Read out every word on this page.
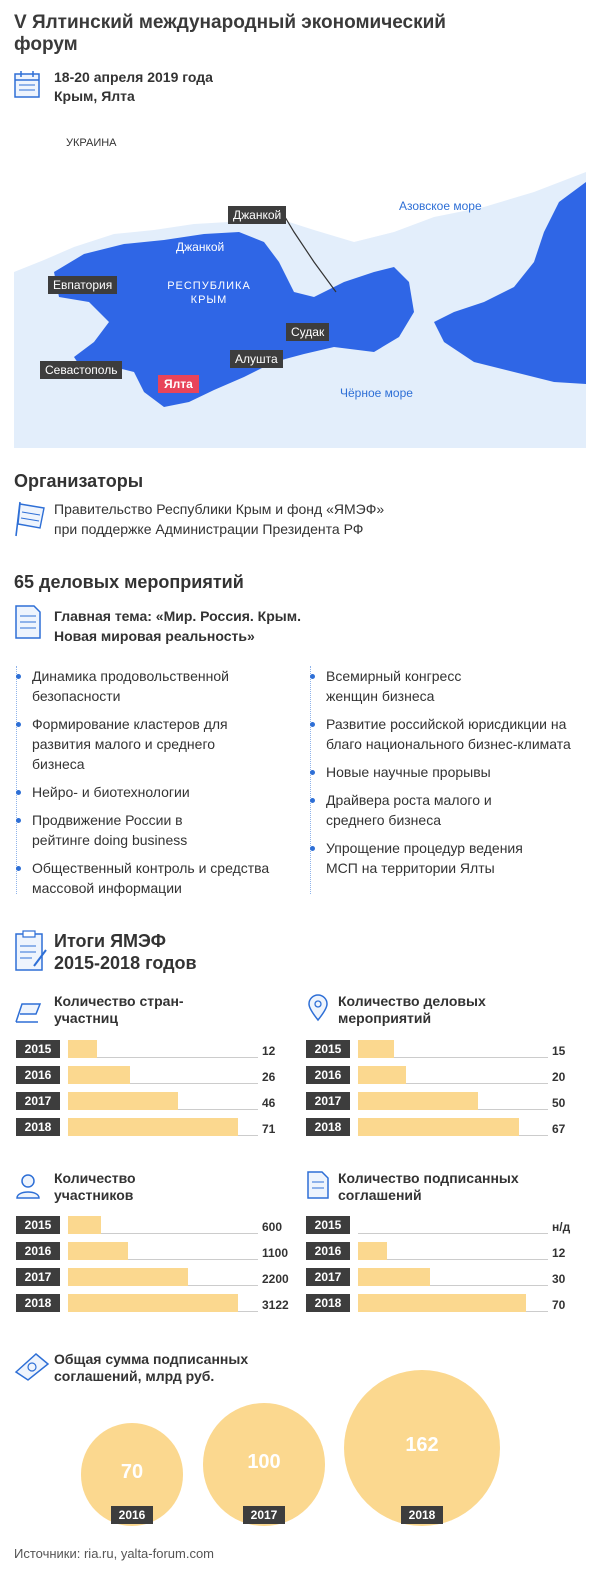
V Ялтинский международный экономический форум
18-20 апреля 2019 года
Крым, Ялта
УКРАИНА
Азовское море
Чёрное море
РЕСПУБЛИКА КРЫМ
Джанкой
Джанкой
Евпатория
Севастополь
Ялта
Алушта
Судак
Организаторы
Правительство Республики Крым и фонд «ЯМЭФ»
при поддержке Администрации Президента РФ
65 деловых мероприятий
Главная тема: «Мир. Россия. Крым.
Новая мировая реальность»
Динамика продовольственной безопасности
Формирование кластеров для развития малого и среднего бизнеса
Нейро- и биотехнологии
Продвижение России в рейтинге doing business
Общественный контроль и средства массовой информации
Всемирный конгресс женщин бизнеса
Развитие российской юрисдикции на благо национального бизнес-климата
Новые научные прорывы
Драйвера роста малого и среднего бизнеса
Упрощение процедур ведения МСП на территории Ялты
Итоги ЯМЭФ
2015-2018 годов
Количество стран-участниц
2015	12
2016	26
2017	46
2018	71
Количество деловых мероприятий
2015	15
2016	20
2017	50
2018	67
Количество участников
2015	600
2016	1100
2017	2200
2018	3122
Количество подписанных соглашений
2015	н/д
2016	12
2017	30
2018	70
Общая сумма подписанных соглашений, млрд руб.
70
2016
100
2017
162
2018
Источники: ria.ru, yalta-forum.com
